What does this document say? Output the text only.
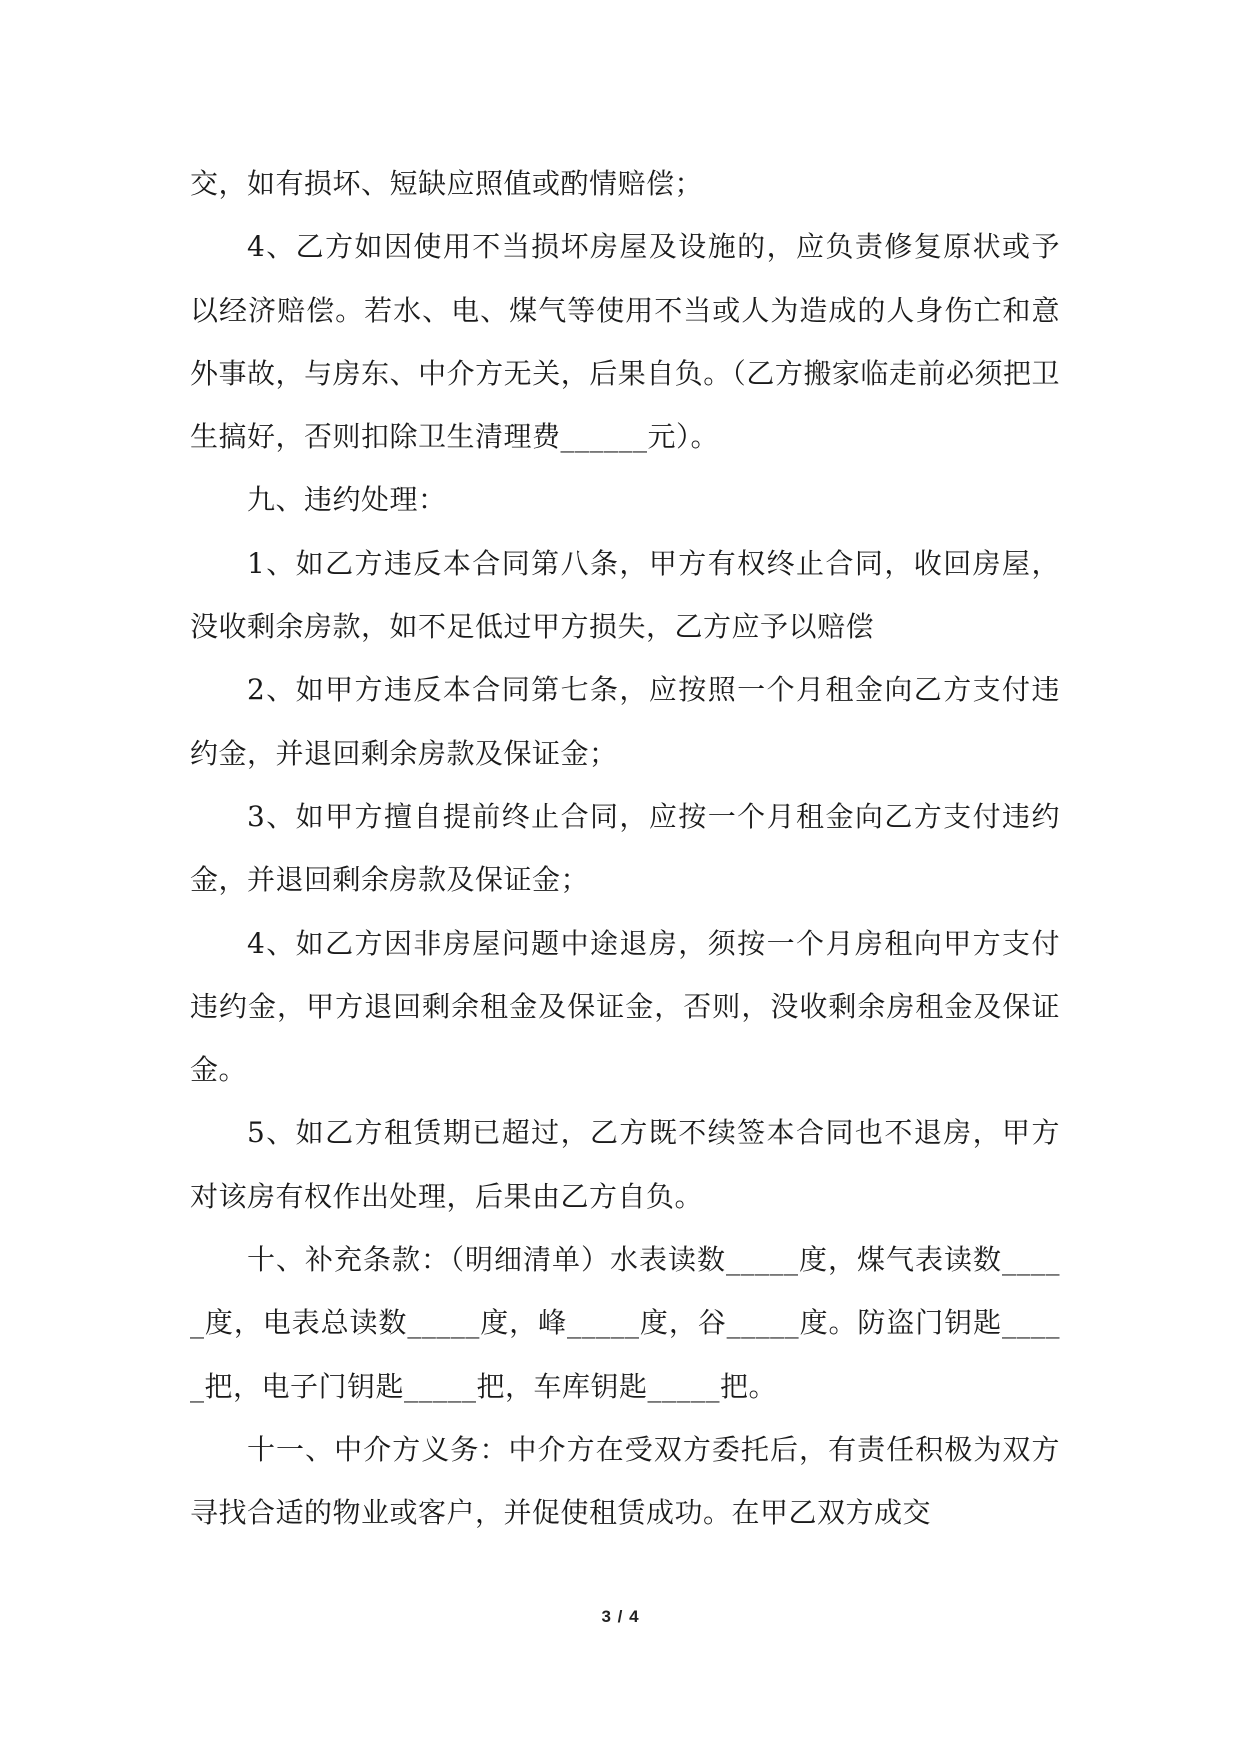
交，如有损坏、短缺应照值或酌情赔偿；

4、乙方如因使用不当损坏房屋及设施的，应负责修复原状或予以经济赔偿。若水、电、煤气等使用不当或人为造成的人身伤亡和意外事故，与房东、中介方无关，后果自负。（乙方搬家临走前必须把卫生搞好，否则扣除卫生清理费______元）。

九、违约处理：

1、如乙方违反本合同第八条，甲方有权终止合同，收回房屋，没收剩余房款，如不足低过甲方损失，乙方应予以赔偿

2、如甲方违反本合同第七条，应按照一个月租金向乙方支付违约金，并退回剩余房款及保证金；

3、如甲方擅自提前终止合同，应按一个月租金向乙方支付违约金，并退回剩余房款及保证金；

4、如乙方因非房屋问题中途退房，须按一个月房租向甲方支付违约金，甲方退回剩余租金及保证金，否则，没收剩余房租金及保证金。

5、如乙方租赁期已超过，乙方既不续签本合同也不退房，甲方对该房有权作出处理，后果由乙方自负。

十、补充条款：（明细清单）水表读数_____度，煤气表读数_____度，电表总读数_____度，峰_____度，谷_____度。防盗门钥匙_____把，电子门钥匙_____把，车库钥匙_____把。

十一、中介方义务：中介方在受双方委托后，有责任积极为双方寻找合适的物业或客户，并促使租赁成功。在甲乙双方成交

3 / 4
